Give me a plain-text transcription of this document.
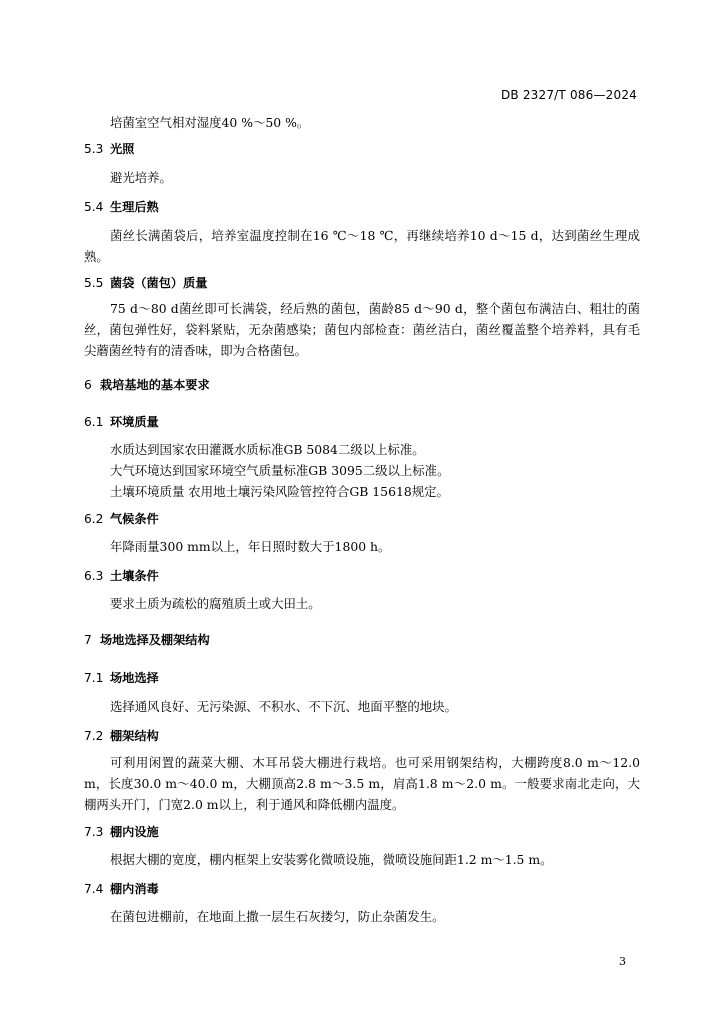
DB 2327/T 086—2024

培菌室空气相对湿度40 %～50 %。

5.3 光照

避光培养。

5.4 生理后熟

菌丝长满菌袋后，培养室温度控制在16 ℃～18 ℃，再继续培养10 d～15 d，达到菌丝生理成熟。

5.5 菌袋（菌包）质量

75 d～80 d菌丝即可长满袋，经后熟的菌包，菌龄85 d～90 d，整个菌包布满洁白、粗壮的菌丝，菌包弹性好，袋料紧贴，无杂菌感染；菌包内部检查：菌丝洁白，菌丝覆盖整个培养料，具有毛尖蘑菌丝特有的清香味，即为合格菌包。

6 栽培基地的基本要求
6.1 环境质量

水质达到国家农田灌溉水质标准GB 5084二级以上标准。

大气环境达到国家环境空气质量标准GB 3095二级以上标准。

土壤环境质量 农用地土壤污染风险管控符合GB 15618规定。

6.2 气候条件

年降雨量300 mm以上，年日照时数大于1800 h。

6.3 土壤条件

要求土质为疏松的腐殖质土或大田土。

7 场地选择及棚架结构
7.1 场地选择

选择通风良好、无污染源、不积水、不下沉、地面平整的地块。

7.2 棚架结构

可利用闲置的蔬菜大棚、木耳吊袋大棚进行栽培。也可采用钢架结构，大棚跨度8.0 m～12.0 m，长度30.0 m～40.0 m，大棚顶高2.8 m～3.5 m，肩高1.8 m～2.0 m。一般要求南北走向，大棚两头开门，门宽2.0 m以上，利于通风和降低棚内温度。

7.3 棚内设施

根据大棚的宽度，棚内框架上安装雾化微喷设施，微喷设施间距1.2 m～1.5 m。

7.4 棚内消毒

在菌包进棚前，在地面上撒一层生石灰搂匀，防止杂菌发生。

3
